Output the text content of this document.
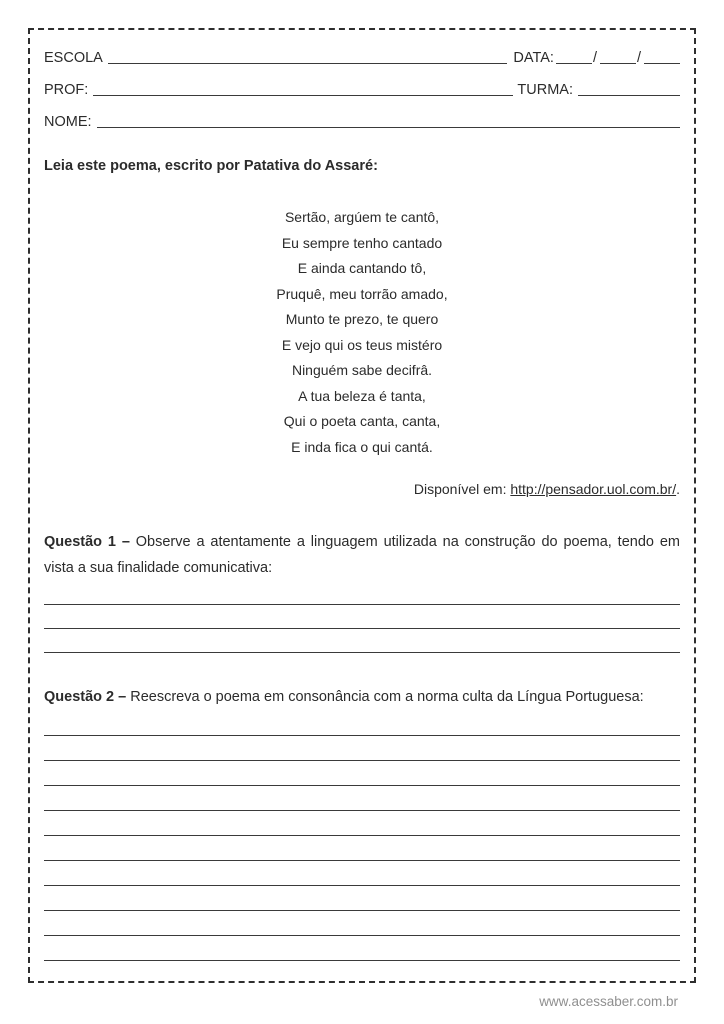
ESCOLA	DATA:	/	/
PROF:	TURMA:
NOME:
Leia este poema, escrito por Patativa do Assaré:
Sertão, argúem te cantô,
Eu sempre tenho cantado
E ainda cantando tô,
Pruquê, meu torrão amado,
Munto te prezo, te quero
E vejo qui os teus mistéro
Ninguém sabe decifrâ.
A tua beleza é tanta,
Qui o poeta canta, canta,
E inda fica o qui cantá.
Disponível em: http://pensador.uol.com.br/.
Questão 1 – Observe a atentamente a linguagem utilizada na construção do poema, tendo em vista a sua finalidade comunicativa:
Questão 2 – Reescreva o poema em consonância com a norma culta da Língua Portuguesa:
www.acessaber.com.br
